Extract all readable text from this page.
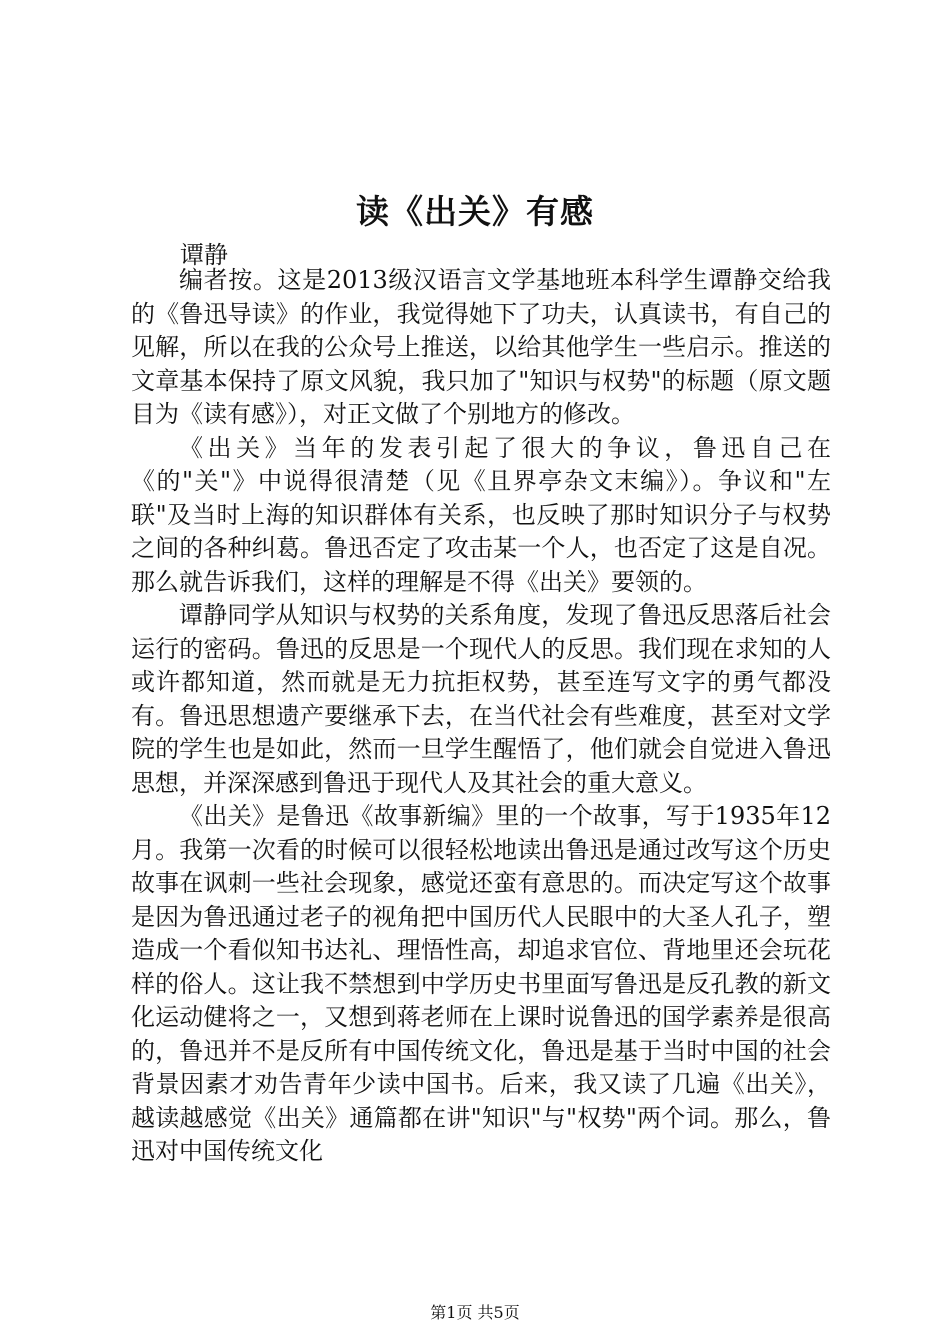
读《出关》有感
谭静

编者按。这是2013级汉语言文学基地班本科学生谭静交给我的《鲁迅导读》的作业，我觉得她下了功夫，认真读书，有自己的见解，所以在我的公众号上推送，以给其他学生一些启示。推送的文章基本保持了原文风貌，我只加了"知识与权势"的标题（原文题目为《读有感》），对正文做了个别地方的修改。

《出关》当年的发表引起了很大的争议，鲁迅自己在《的"关"》中说得很清楚（见《且界亭杂文末编》）。争议和"左联"及当时上海的知识群体有关系，也反映了那时知识分子与权势之间的各种纠葛。鲁迅否定了攻击某一个人，也否定了这是自况。那么就告诉我们，这样的理解是不得《出关》要领的。

谭静同学从知识与权势的关系角度，发现了鲁迅反思落后社会运行的密码。鲁迅的反思是一个现代人的反思。我们现在求知的人或许都知道，然而就是无力抗拒权势，甚至连写文字的勇气都没有。鲁迅思想遗产要继承下去，在当代社会有些难度，甚至对文学院的学生也是如此，然而一旦学生醒悟了，他们就会自觉进入鲁迅思想，并深深感到鲁迅于现代人及其社会的重大意义。

《出关》是鲁迅《故事新编》里的一个故事，写于1935年12月。我第一次看的时候可以很轻松地读出鲁迅是通过改写这个历史故事在讽刺一些社会现象，感觉还蛮有意思的。而决定写这个故事是因为鲁迅通过老子的视角把中国历代人民眼中的大圣人孔子，塑造成一个看似知书达礼、理悟性高，却追求官位、背地里还会玩花样的俗人。这让我不禁想到中学历史书里面写鲁迅是反孔教的新文化运动健将之一，又想到蒋老师在上课时说鲁迅的国学素养是很高的，鲁迅并不是反所有中国传统文化，鲁迅是基于当时中国的社会背景因素才劝告青年少读中国书。后来，我又读了几遍《出关》，越读越感觉《出关》通篇都在讲"知识"与"权势"两个词。那么，鲁迅对中国传统文化

第1页 共5页
